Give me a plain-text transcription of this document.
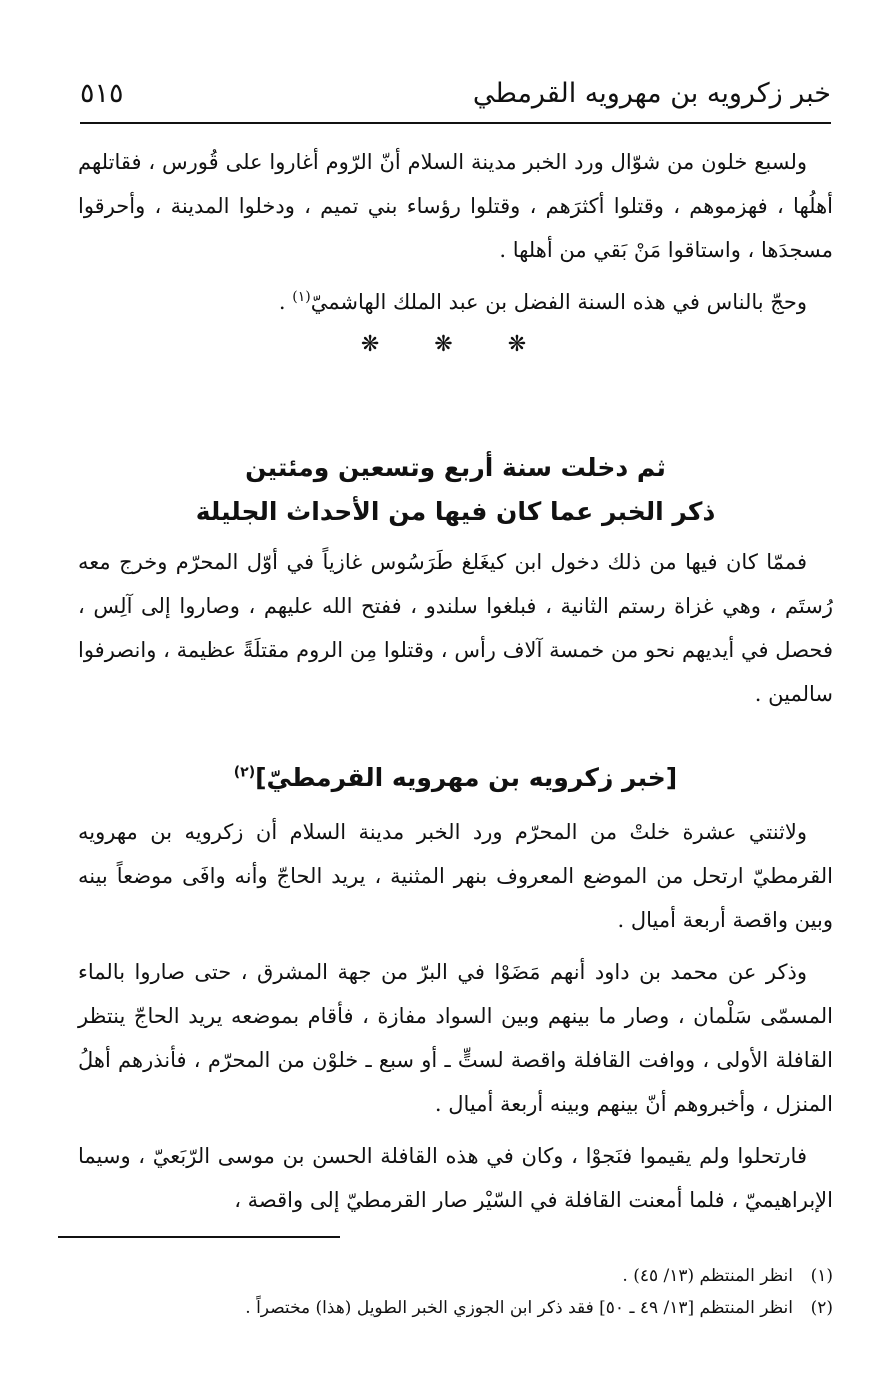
خبر زكرويه بن مهرويه القرمطي
٥١٥

ولسبع خلون من شوّال ورد الخبر مدينة السلام أنّ الرّوم أغاروا على قُورس ، فقاتلهم أهلُها ، فهزموهم ، وقتلوا أكثرَهم ، وقتلوا رؤساء بني تميم ، ودخلوا المدينة ، وأحرقوا مسجدَها ، واستاقوا مَنْ بَقي من أهلها .

وحجّ بالناس في هذه السنة الفضل بن عبد الملك الهاشميّ$^{(١)}$ .

❋ ❋ ❋

ثم دخلت سنة أربع وتسعين ومئتين
ذكر الخبر عما كان فيها من الأحداث الجليلة

فممّا كان فيها من ذلك دخول ابن كيغَلغ طَرَسُوس غازياً في أوّل المحرّم وخرج معه رُستَم ، وهي غزاة رستم الثانية ، فبلغوا سلندو ، ففتح الله عليهم ، وصاروا إلى آلِس ، فحصل في أيديهم نحو من خمسة آلاف رأس ، وقتلوا مِن الروم مقتلَةً عظيمة ، وانصرفوا سالمين .

[خبر زكرويه بن مهرويه القرمطيّ]$^{(٢)}$

ولاثنتي عشرة خلتْ من المحرّم ورد الخبر مدينة السلام أن زكرويه بن مهرويه القرمطيّ ارتحل من الموضع المعروف بنهر المثنية ، يريد الحاجّ وأنه وافَى موضعاً بينه وبين واقصة أربعة أميال .

وذكر عن محمد بن داود أنهم مَضَوْا في البرّ من جهة المشرق ، حتى صاروا بالماء المسمّى سَلْمان ، وصار ما بينهم وبين السواد مفازة ، فأقام بموضعه يريد الحاجّ ينتظر القافلة الأولى ، ووافت القافلة واقصة لستٍّ ـ أو سبع ـ خلوْن من المحرّم ، فأنذرهم أهلُ المنزل ، وأخبروهم أنّ بينهم وبينه أربعة أميال .

فارتحلوا ولم يقيموا فنَجوْا ، وكان في هذه القافلة الحسن بن موسى الرّبَعيّ ، وسيما الإبراهيميّ ، فلما أمعنت القافلة في السّيْر صار القرمطيّ إلى واقصة ،

(١)انظر المنتظم (١٣/ ٤٥) .

(٢)انظر المنتظم [١٣/ ٤٩ ـ ٥٠] فقد ذكر ابن الجوزي الخبر الطويل (هذا) مختصراً .
